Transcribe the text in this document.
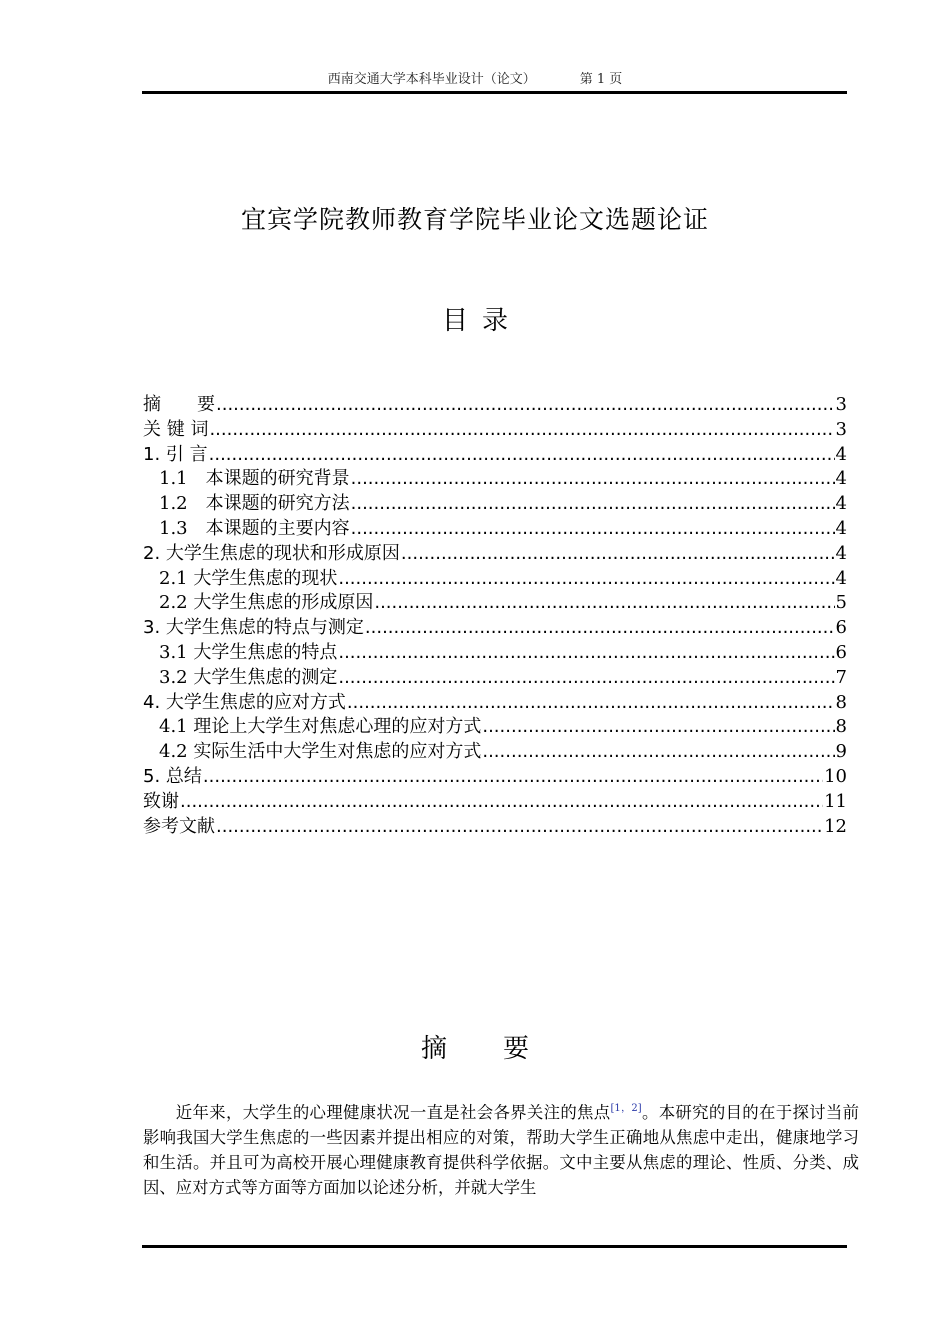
西南交通大学本科毕业设计（论文）	第 1 页
宜宾学院教师教育学院毕业论文选题论证
目录
摘　　要 .....	3
关 键 词 .....	3
1. 引 言 .....	4
1.1　本课题的研究背景 .....	4
1.2　本课题的研究方法 .....	4
1.3　本课题的主要内容 .....	4
2. 大学生焦虑的现状和形成原因 .....	4
2.1 大学生焦虑的现状 .....	4
2.2 大学生焦虑的形成原因 .....	5
3. 大学生焦虑的特点与测定 .....	6
3.1 大学生焦虑的特点 .....	6
3.2 大学生焦虑的测定 .....	7
4. 大学生焦虑的应对方式 .....	8
4.1 理论上大学生对焦虑心理的应对方式 .....	8
4.2 实际生活中大学生对焦虑的应对方式 .....	9
5. 总结 .....	10
致谢 .....	11
参考文献 .....	12
摘要
近年来，大学生的心理健康状况一直是社会各界关注的焦点[1，2]。本研究的目的在于探讨当前影响我国大学生焦虑的一些因素并提出相应的对策，帮助大学生正确地从焦虑中走出，健康地学习和生活。并且可为高校开展心理健康教育提供科学依据。文中主要从焦虑的理论、性质、分类、成因、应对方式等方面等方面加以论述分析，并就大学生
